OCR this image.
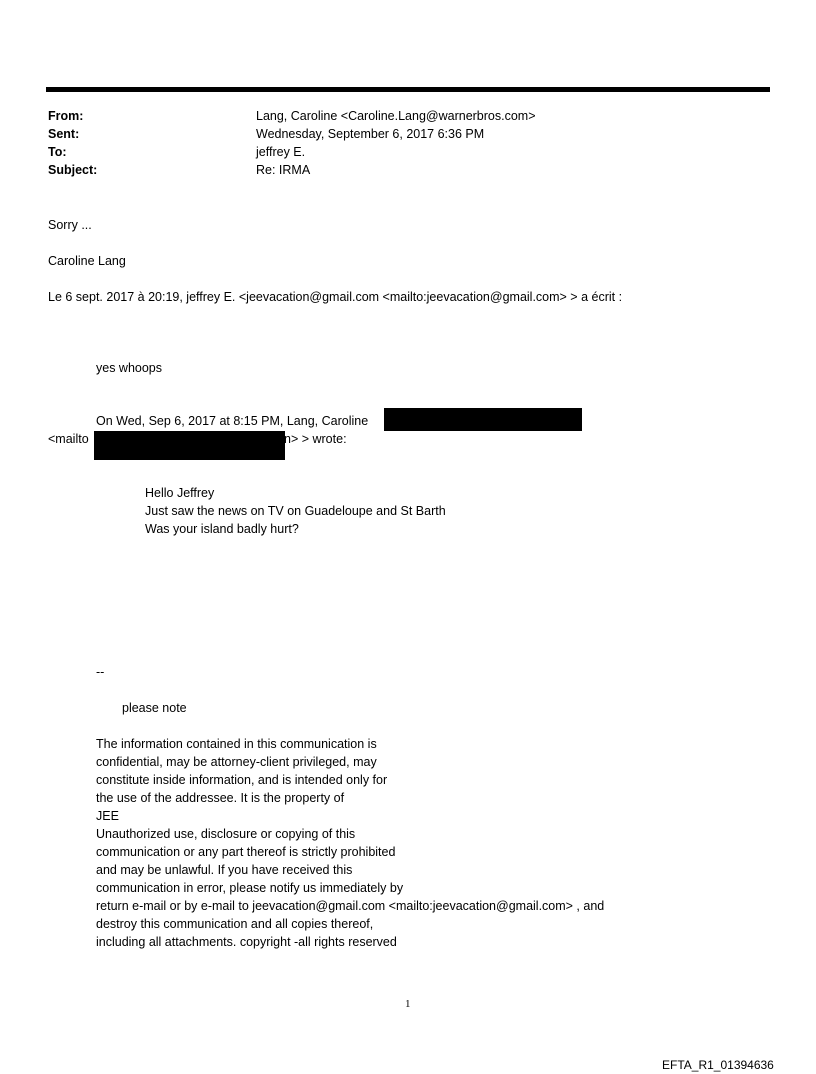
From:	Lang, Caroline <Caroline.Lang@warnerbros.com>
Sent:	Wednesday, September 6, 2017 6:36 PM
To:	jeffrey E.
Subject:	Re: IRMA
Sorry ...
Caroline Lang
Le 6 sept. 2017 à 20:19, jeffrey E. <jeevacation@gmail.com <mailto:jeevacation@gmail.com> > a écrit :
yes whoops
On Wed, Sep 6, 2017 at 8:15 PM, Lang, Caroline	)
<mailto	n> > wrote:
Hello Jeffrey
Just saw the news on TV on Guadeloupe and St Barth
Was your island badly hurt?
--
please note
The information contained in this communication is
confidential, may be attorney-client privileged, may
constitute inside information, and is intended only for
the use of the addressee. It is the property of
JEE
Unauthorized use, disclosure or copying of this
communication or any part thereof is strictly prohibited
and may be unlawful. If you have received this
communication in error, please notify us immediately by
return e-mail or by e-mail to jeevacation@gmail.com <mailto:jeevacation@gmail.com> , and
destroy this communication and all copies thereof,
including all attachments. copyright -all rights reserved
1
EFTA_R1_01394636
